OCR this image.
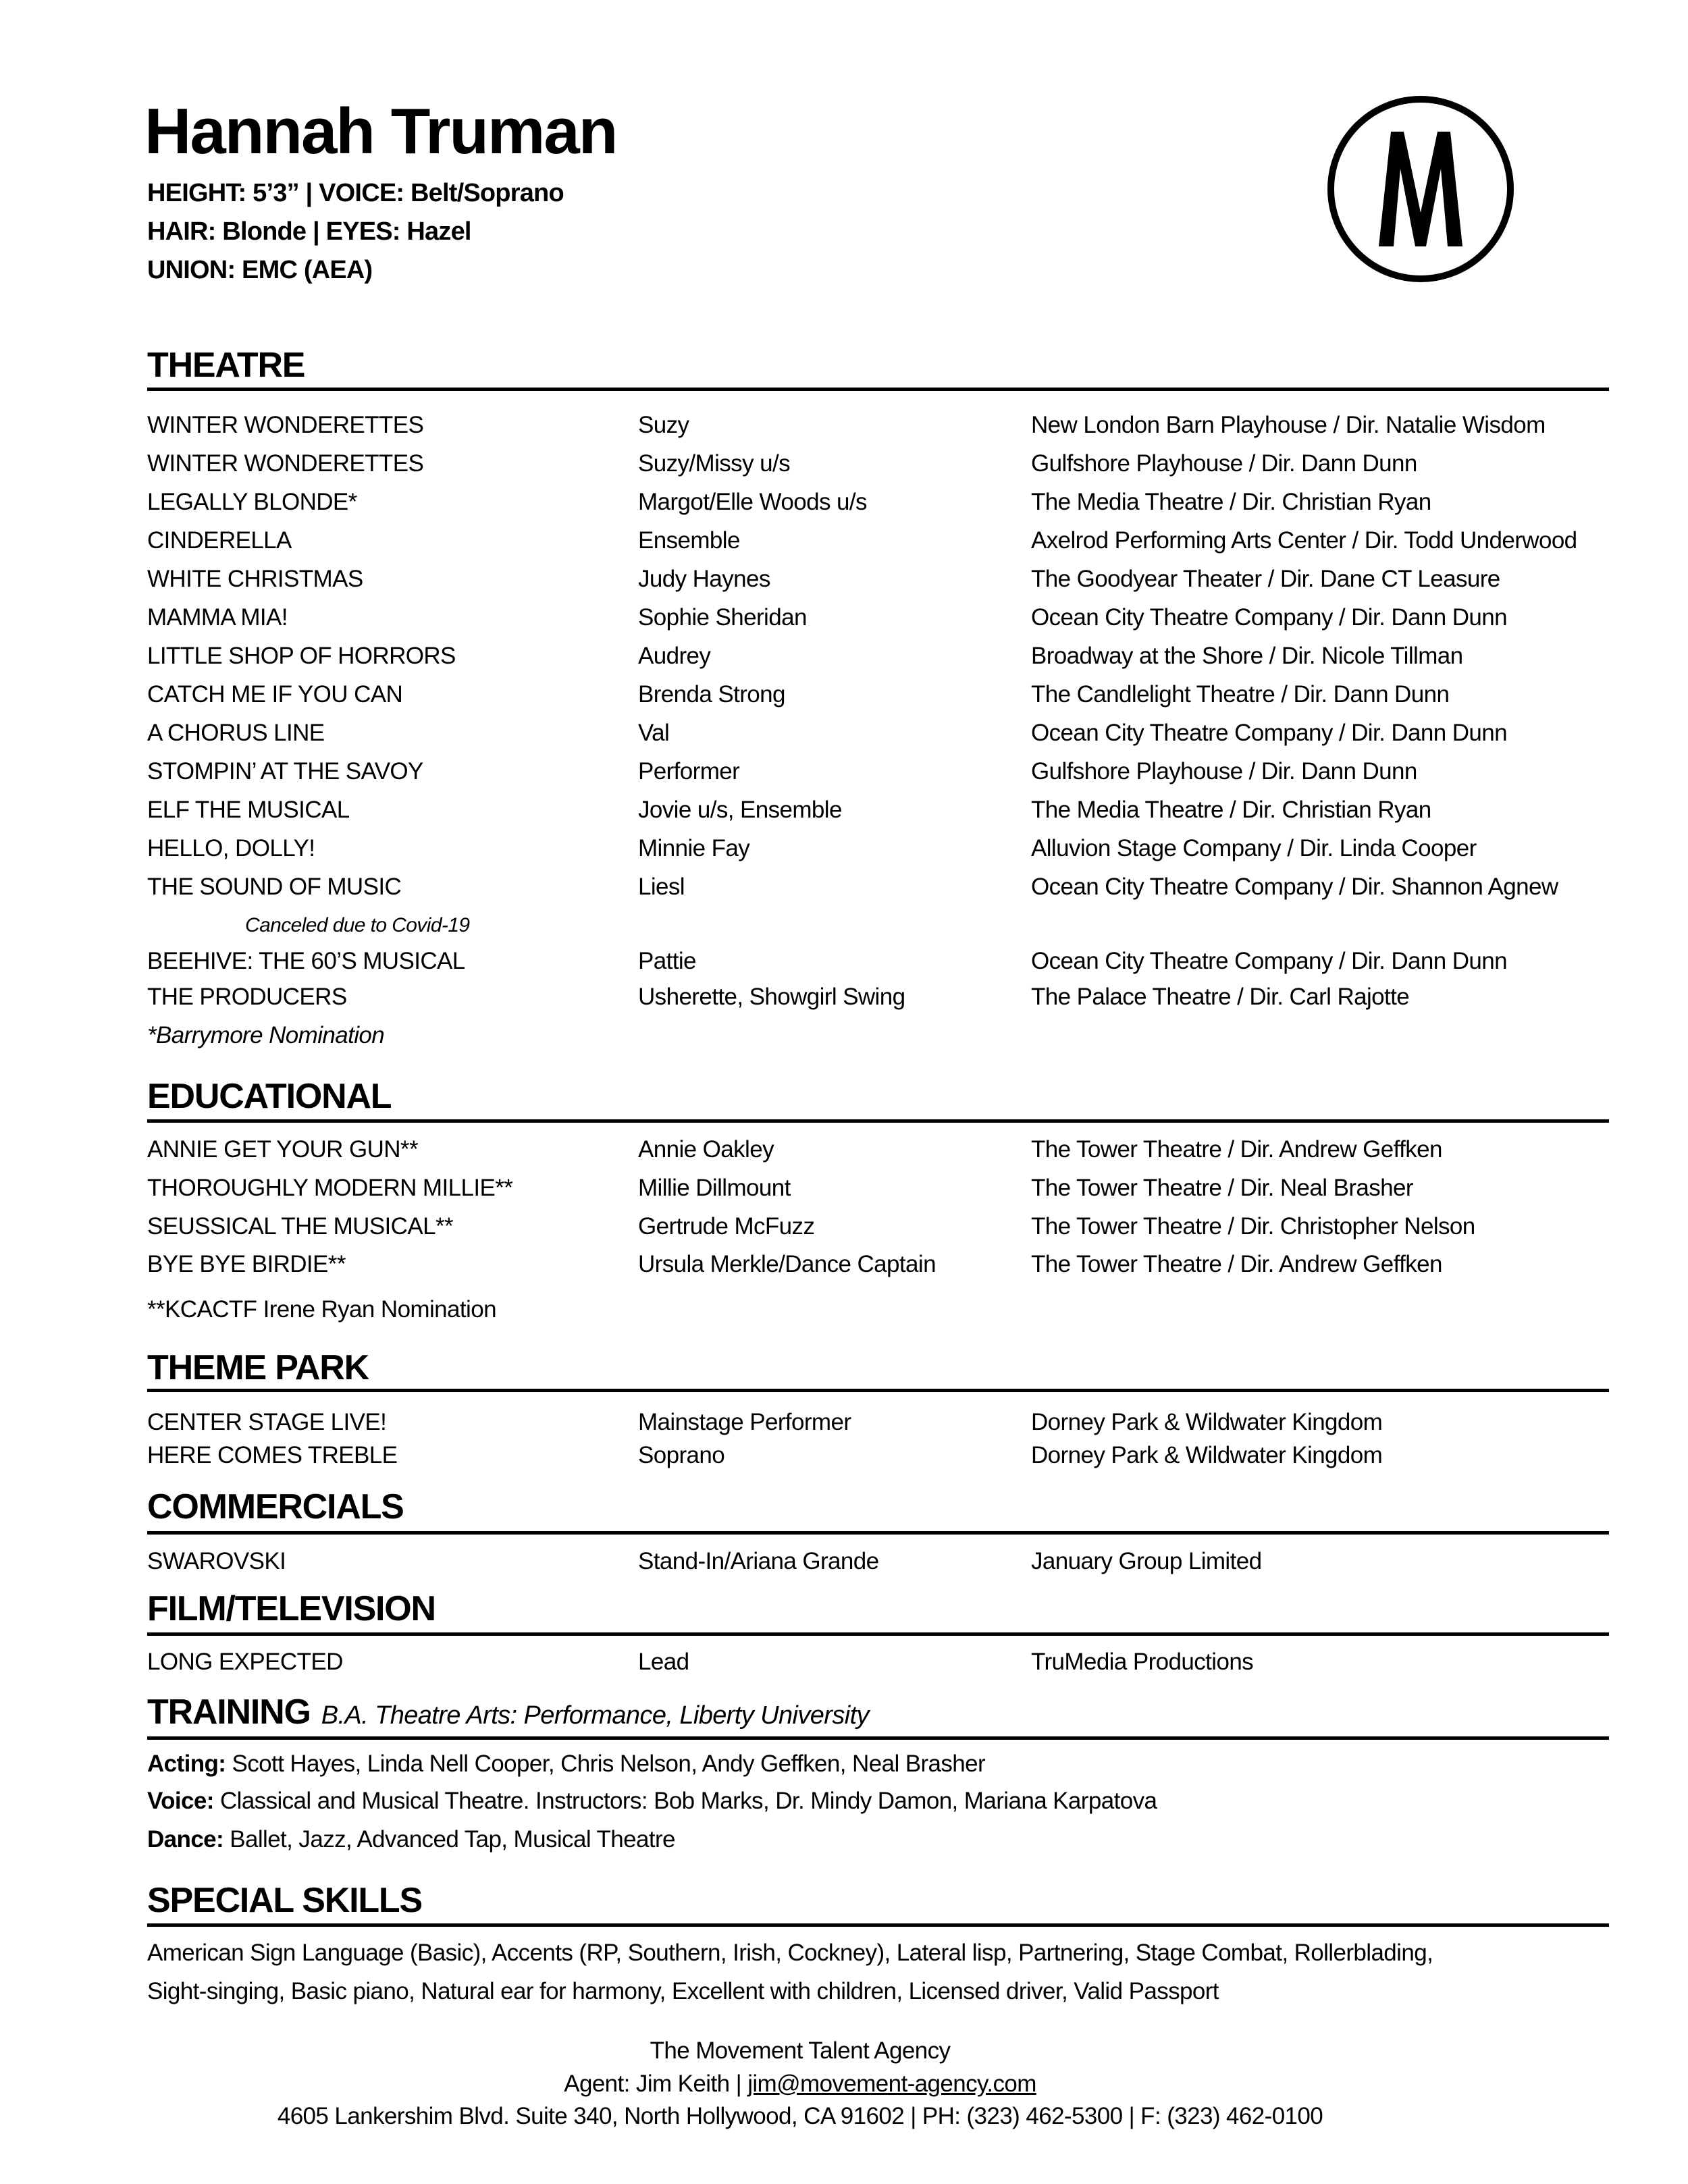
Hannah Truman
HEIGHT: 5’3” | VOICE: Belt/Soprano
HAIR: Blonde | EYES: Hazel
UNION: EMC (AEA)
THEATRE
WINTER WONDERETTES	Suzy	New London Barn Playhouse / Dir. Natalie Wisdom
WINTER WONDERETTES	Suzy/Missy u/s	Gulfshore Playhouse / Dir. Dann Dunn
LEGALLY BLONDE*	Margot/Elle Woods u/s	The Media Theatre / Dir. Christian Ryan
CINDERELLA	Ensemble	Axelrod Performing Arts Center / Dir. Todd Underwood
WHITE CHRISTMAS	Judy Haynes	The Goodyear Theater / Dir. Dane CT Leasure
MAMMA MIA!	Sophie Sheridan	Ocean City Theatre Company / Dir. Dann Dunn
LITTLE SHOP OF HORRORS	Audrey	Broadway at the Shore / Dir. Nicole Tillman
CATCH ME IF YOU CAN	Brenda Strong	The Candlelight Theatre / Dir. Dann Dunn
A CHORUS LINE	Val	Ocean City Theatre Company / Dir. Dann Dunn
STOMPIN’ AT THE SAVOY	Performer	Gulfshore Playhouse / Dir. Dann Dunn
ELF THE MUSICAL	Jovie u/s, Ensemble	The Media Theatre / Dir. Christian Ryan
HELLO, DOLLY!	Minnie Fay	Alluvion Stage Company / Dir. Linda Cooper
THE SOUND OF MUSIC	Liesl	Ocean City Theatre Company / Dir. Shannon Agnew
BEEHIVE: THE 60’S MUSICAL	Pattie	Ocean City Theatre Company / Dir. Dann Dunn
THE PRODUCERS	Usherette, Showgirl Swing	The Palace Theatre / Dir. Carl Rajotte
Canceled due to Covid-19
*Barrymore Nomination
EDUCATIONAL
ANNIE GET YOUR GUN**	Annie Oakley	The Tower Theatre / Dir. Andrew Geffken
THOROUGHLY MODERN MILLIE**	Millie Dillmount	The Tower Theatre / Dir. Neal Brasher
SEUSSICAL THE MUSICAL**	Gertrude McFuzz	The Tower Theatre / Dir. Christopher Nelson
BYE BYE BIRDIE**	Ursula Merkle/Dance Captain	The Tower Theatre / Dir. Andrew Geffken
**KCACTF Irene Ryan Nomination
THEME PARK
CENTER STAGE LIVE!	Mainstage Performer	Dorney Park & Wildwater Kingdom
HERE COMES TREBLE	Soprano	Dorney Park & Wildwater Kingdom
COMMERCIALS
SWAROVSKI	Stand-In/Ariana Grande	January Group Limited
FILM/TELEVISION
LONG EXPECTED	Lead	TruMedia Productions
TRAINING B.A. Theatre Arts: Performance, Liberty University
Acting: Scott Hayes, Linda Nell Cooper, Chris Nelson, Andy Geffken, Neal Brasher
Voice: Classical and Musical Theatre. Instructors: Bob Marks, Dr. Mindy Damon, Mariana Karpatova
Dance: Ballet, Jazz, Advanced Tap, Musical Theatre
SPECIAL SKILLS
American Sign Language (Basic), Accents (RP, Southern, Irish, Cockney), Lateral lisp, Partnering, Stage Combat, Rollerblading,
Sight-singing, Basic piano, Natural ear for harmony, Excellent with children, Licensed driver, Valid Passport
The Movement Talent Agency
Agent: Jim Keith | jim@movement-agency.com
4605 Lankershim Blvd. Suite 340, North Hollywood, CA 91602 | PH: (323) 462-5300 | F: (323) 462-0100
